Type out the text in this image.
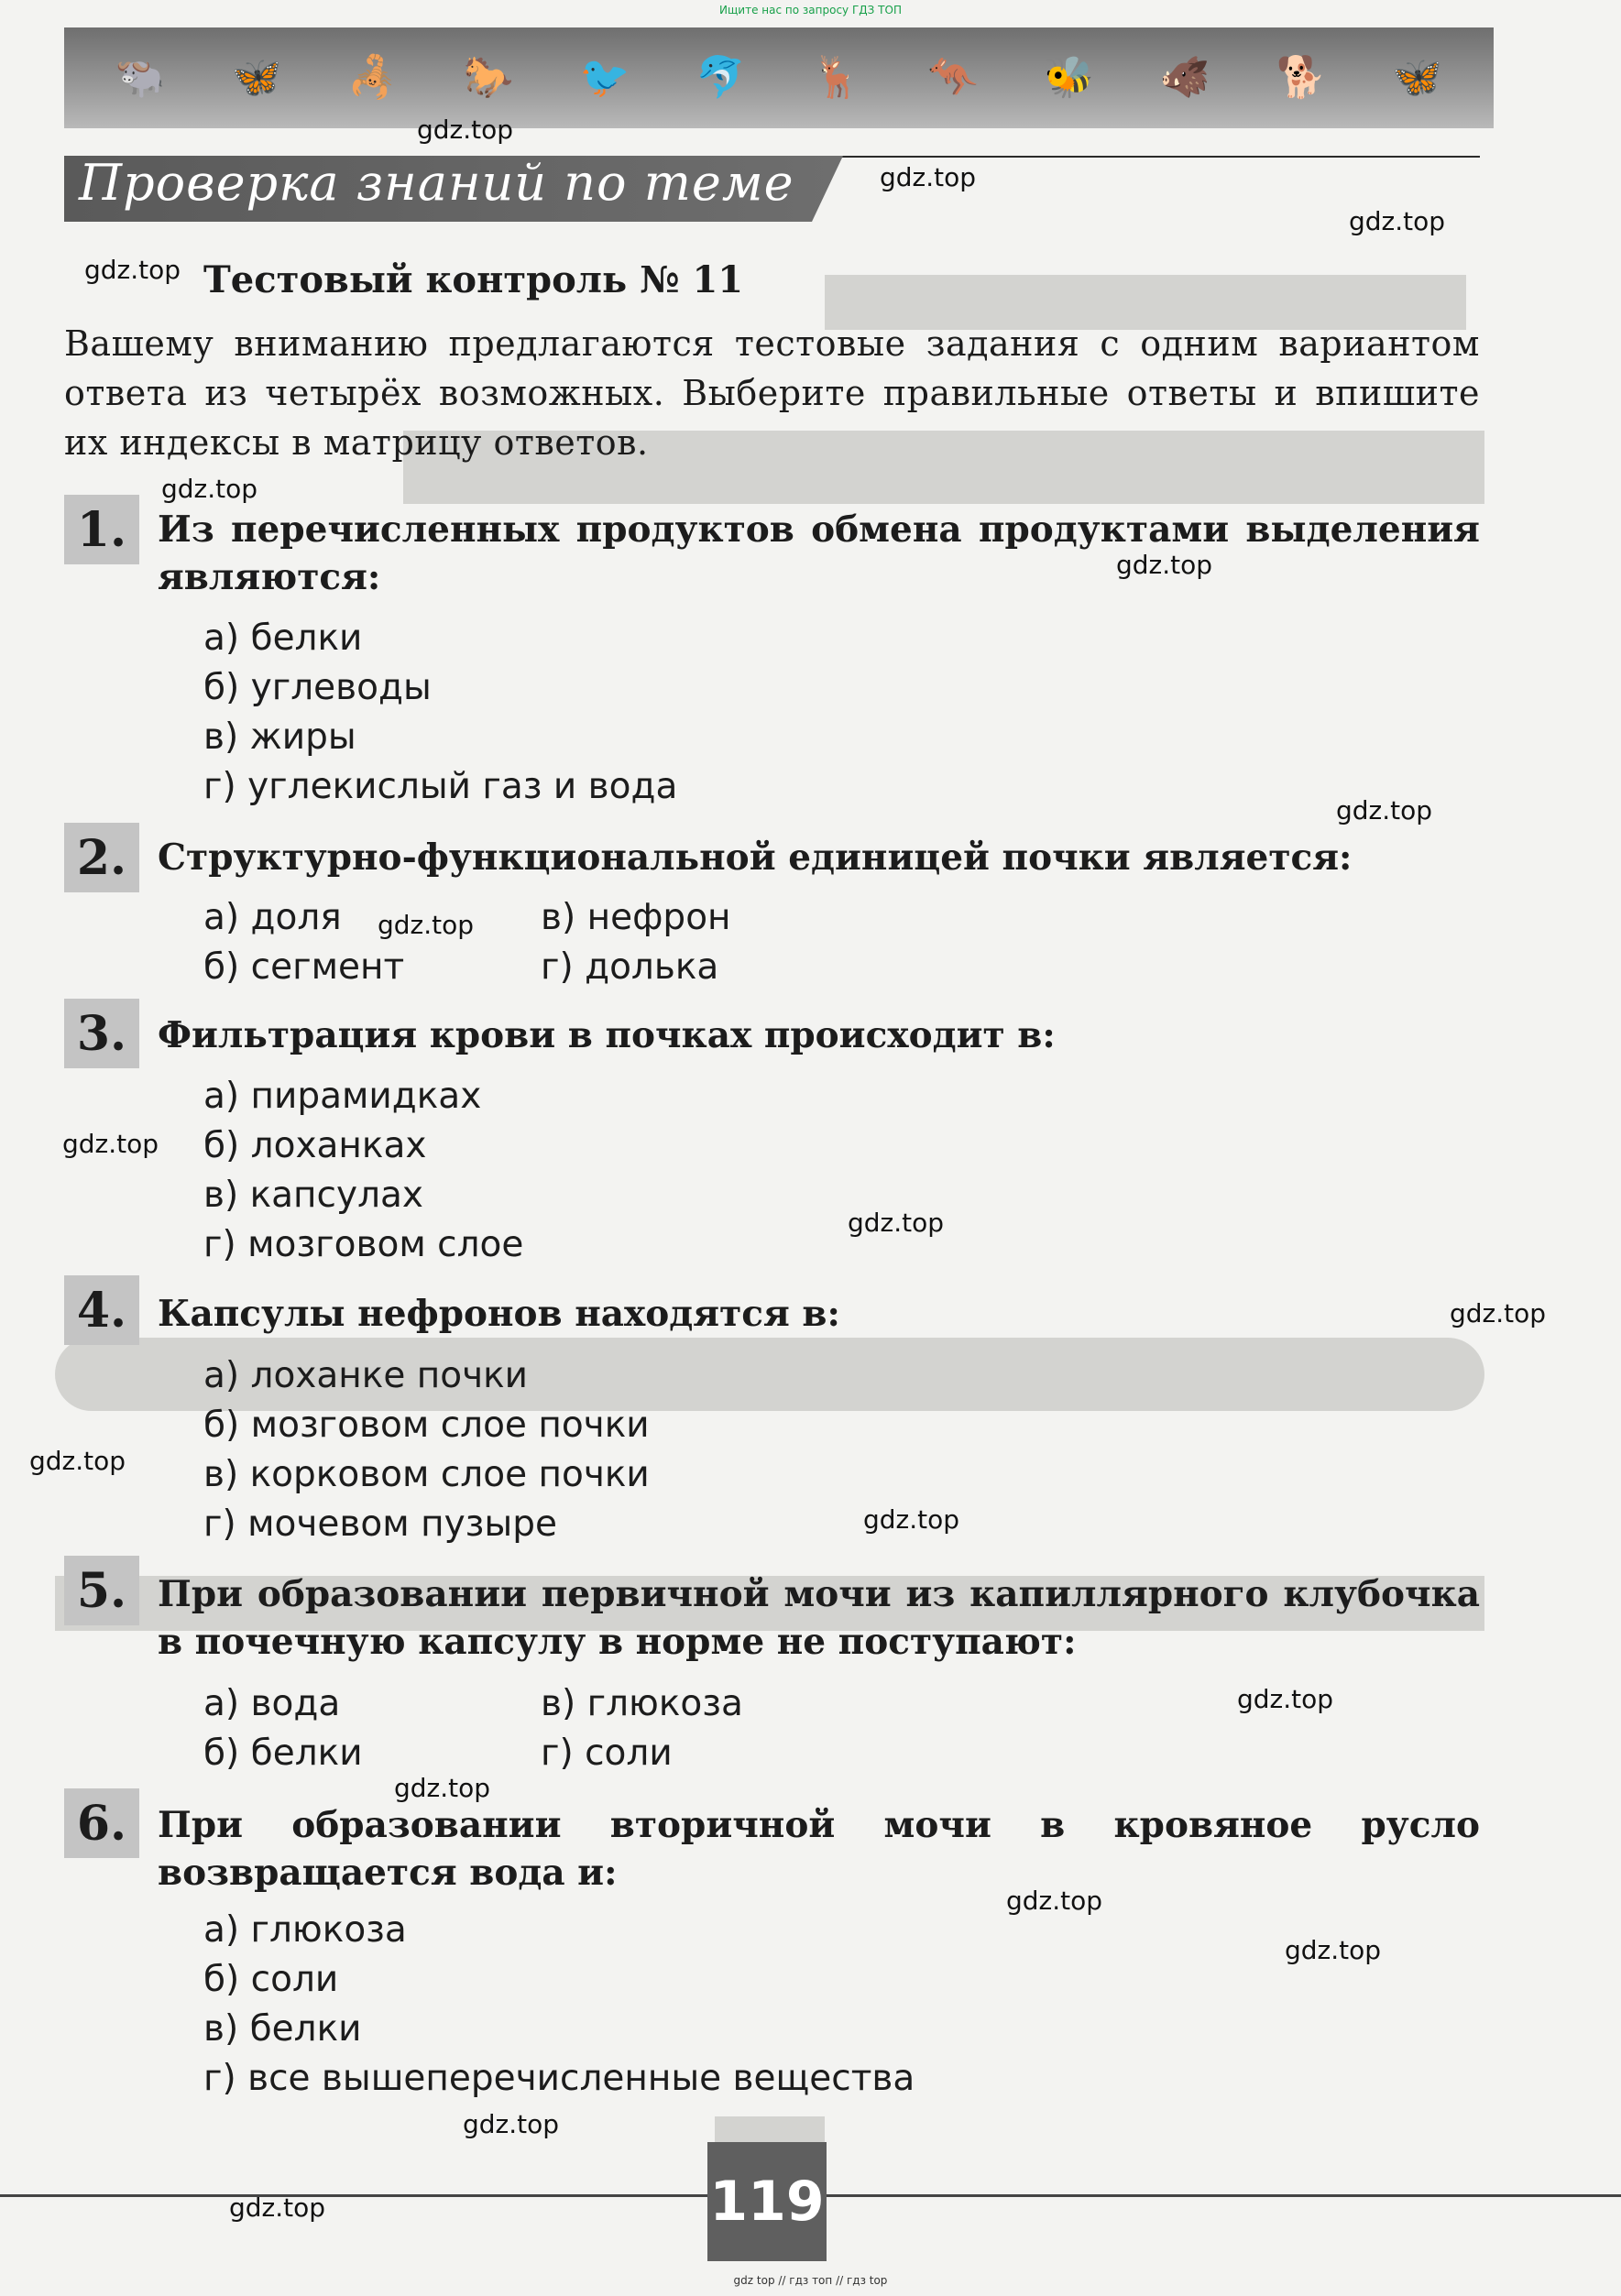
Ищите нас по запросу ГДЗ ТОП
🐃 🦋 🦂 🐎 🐦 🐬 🦌 🦘 🐝 🐗 🐕 🦋
Проверка знаний по теме
Тестовый контроль № 11
Вашему вниманию предлагаются тестовые задания с одним вариантом ответа из четырёх возможных. Выберите правильные ответы и впишите их индексы в матрицу ответов.
1. Из перечисленных продуктов обмена продуктами выделения являются:
а) белки
б) углеводы
в) жиры
г) углекислый газ и вода
2. Структурно-функциональной единицей почки является:
а) доля	в) нефрон
б) сегмент	г) долька
3. Фильтрация крови в почках происходит в:
а) пирамидках
б) лоханках
в) капсулах
г) мозговом слое
4. Капсулы нефронов находятся в:
а) лоханке почки
б) мозговом слое почки
в) корковом слое почки
г) мочевом пузыре
5. При образовании первичной мочи из капиллярного клубочка в почечную капсулу в норме не поступают:
а) вода	в) глюкоза
б) белки	г) соли
6. При образовании вторичной мочи в кровяное русло возвращается вода и:
а) глюкоза
б) соли
в) белки
г) все вышеперечисленные вещества
119
gdz.top
gdz.top
gdz.top
gdz.top
gdz.top
gdz.top
gdz.top
gdz.top
gdz.top
gdz.top
gdz.top
gdz.top
gdz.top
gdz.top
gdz.top
gdz.top
gdz.top
gdz.top
gdz.top
gdz top // гдз топ // гдз top
